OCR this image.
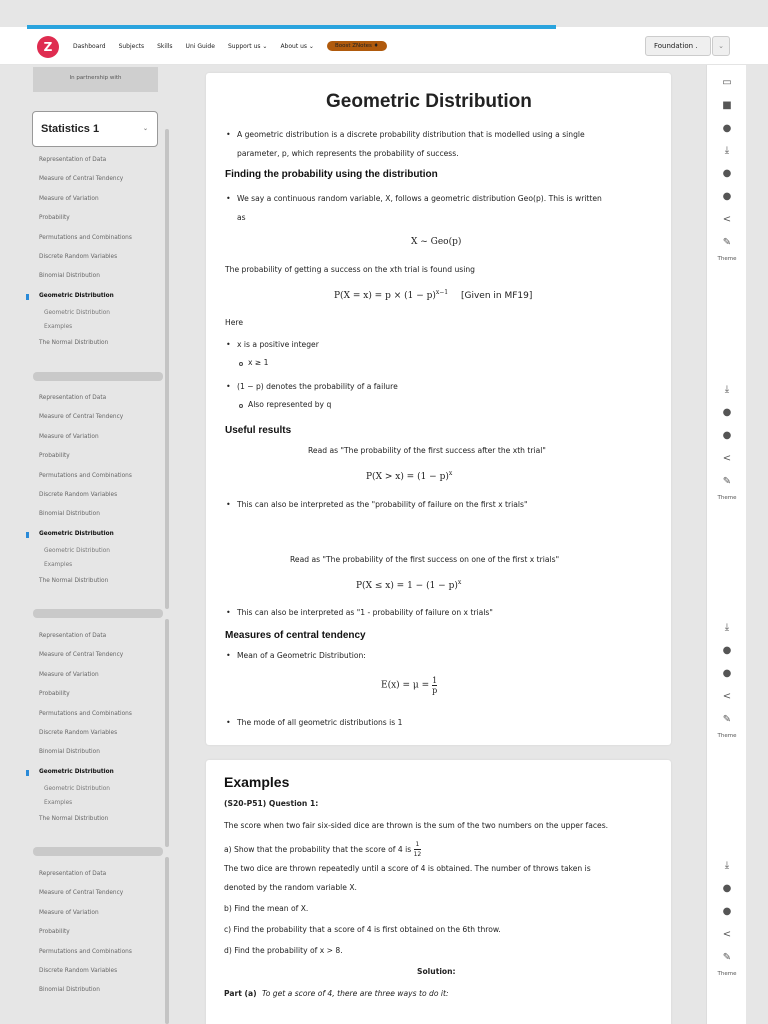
Z	Dashboard Subjects Skills Uni Guide Support us ⌄ About us ⌄	Boost ZNotes ♦	Foundation .	⌄
In partnership with
Statistics 1	⌄
Representation of Data
Measure of Central Tendency
Measure of Variation
Probability
Permutations and Combinations
Discrete Random Variables
Binomial Distribution
Geometric Distribution
Geometric Distribution
Examples
The Normal Distribution
Representation of Data
Measure of Central Tendency
Measure of Variation
Probability
Permutations and Combinations
Discrete Random Variables
Binomial Distribution
Geometric Distribution
Geometric Distribution
Examples
The Normal Distribution
Representation of Data
Measure of Central Tendency
Measure of Variation
Probability
Permutations and Combinations
Discrete Random Variables
Binomial Distribution
Geometric Distribution
Geometric Distribution
Examples
The Normal Distribution
Representation of Data
Measure of Central Tendency
Measure of Variation
Probability
Permutations and Combinations
Discrete Random Variables
Binomial Distribution
▭
■
●
⤓
●
●
<
✎
Theme
⤓
●
●
<
✎
Theme
⤓
●
●
<
✎
Theme
⤓
●
●
<
✎
Theme
Geometric Distribution
• A geometric distribution is a discrete probability distribution that is modelled using a single
parameter, p, which represents the probability of success.
Finding the probability using the distribution
• We say a continuous random variable, X, follows a geometric distribution Geo(p). This is written
as
X ~ Geo(p)
The probability of getting a success on the xth trial is found using
$P(X = x) = p \times (1 - p)^{x-1}$ [Given in MF19]
Here
• x is a positive integer
x ≥ 1
• (1 − p) denotes the probability of a failure
Also represented by q
Useful results
Read as "The probability of the first success after the xth trial"
$P(X > x) = (1 - p)^x$
• This can also be interpreted as the "probability of failure on the first x trials"
Read as "The probability of the first success on one of the first x trials"
$P(X \le x) = 1 - (1 - p)^x$
• This can also be interpreted as "1 - probability of failure on x trials"
Measures of central tendency
• Mean of a Geometric Distribution:
$E(x) = \mu = \frac{1}{p}$
• The mode of all geometric distributions is 1
Examples
(S20-P51) Question 1:
The score when two fair six-sided dice are thrown is the sum of the two numbers on the upper faces.
a) Show that the probability that the score of 4 is $\frac{1}{12}$
The two dice are thrown repeatedly until a score of 4 is obtained. The number of throws taken is
denoted by the random variable X.
b) Find the mean of X.
c) Find the probability that a score of 4 is first obtained on the 6th throw.
d) Find the probability of x > 8.
Solution:
Part (a) To get a score of 4, there are three ways to do it:
